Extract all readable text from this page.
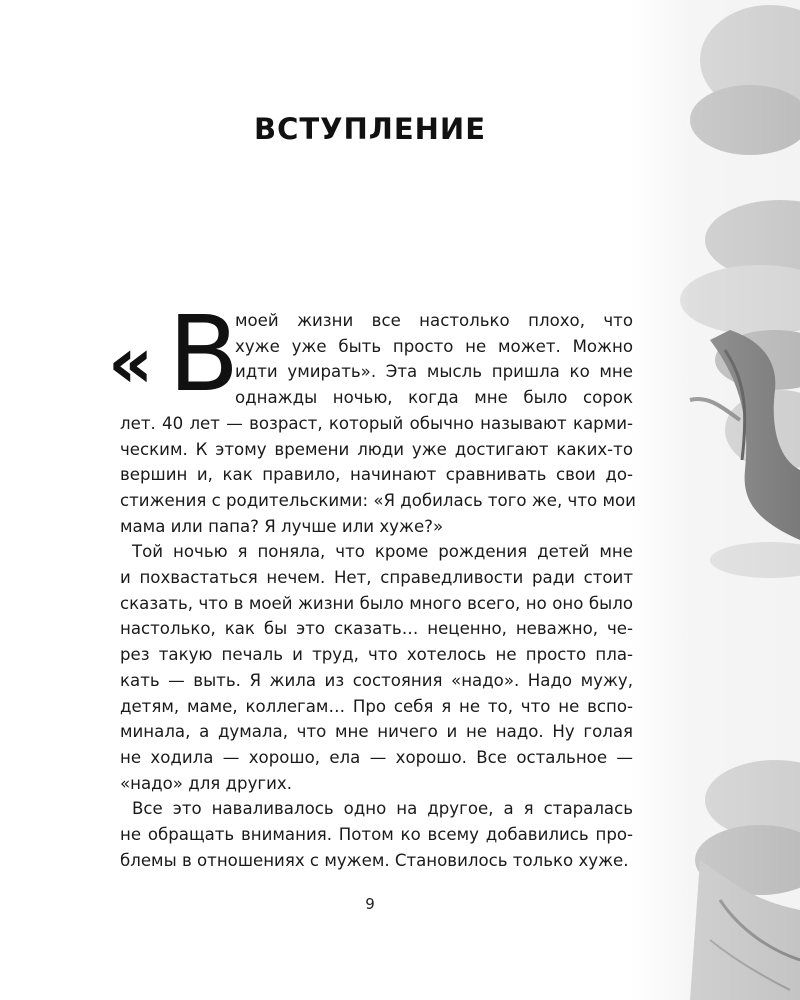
ВСТУПЛЕНИЕ
« В
моей жизни все настолько плохо, что
хуже уже быть просто не может. Можно
идти умирать». Эта мысль пришла ко мне
однажды ночью, когда мне было сорок
лет. 40 лет — возраст, который обычно называют карми-
ческим. К этому времени люди уже достигают каких-то
вершин и, как правило, начинают сравнивать свои до-
стижения с родительскими: «Я добилась того же, что мои
мама или папа? Я лучше или хуже?»
Той ночью я поняла, что кроме рождения детей мне
и похвастаться нечем. Нет, справедливости ради стоит
сказать, что в моей жизни было много всего, но оно было
настолько, как бы это сказать… неценно, неважно, че-
рез такую печаль и труд, что хотелось не просто пла-
кать — выть. Я жила из состояния «надо». Надо мужу,
детям, маме, коллегам… Про себя я не то, что не вспо-
минала, а думала, что мне ничего и не надо. Ну голая
не ходила — хорошо, ела — хорошо. Все остальное —
«надо» для других.
Все это наваливалось одно на другое, а я старалась
не обращать внимания. Потом ко всему добавились про-
блемы в отношениях с мужем. Становилось только хуже.
9
